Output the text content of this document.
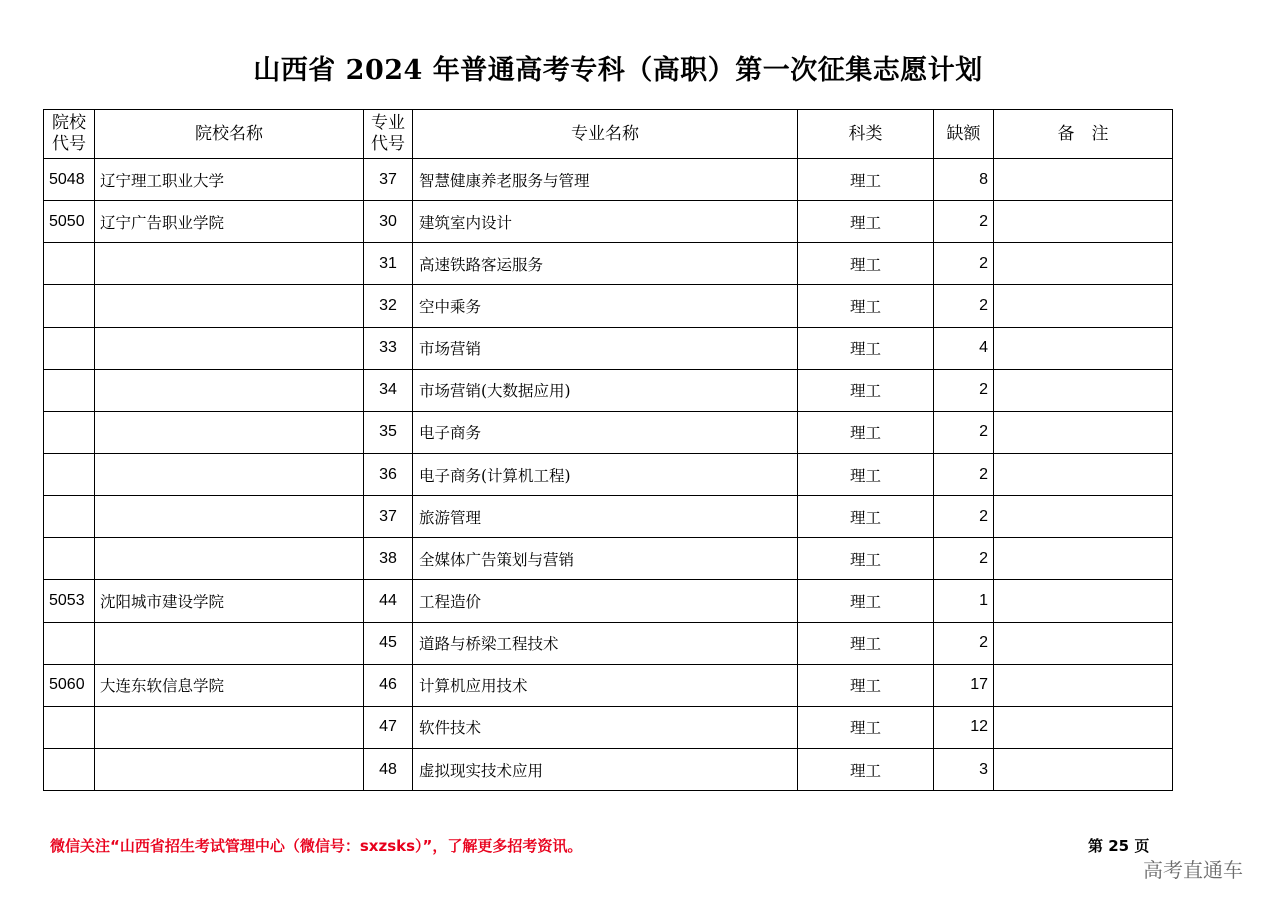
山西省 2024 年普通高考专科（高职）第一次征集志愿计划
院校代号	院校名称	专业代号	专业名称	科类	缺额	备　注
5048	辽宁理工职业大学	37	智慧健康养老服务与管理	理工	8	
5050	辽宁广告职业学院	30	建筑室内设计	理工	2	
		31	高速铁路客运服务	理工	2	
		32	空中乘务	理工	2	
		33	市场营销	理工	4	
		34	市场营销(大数据应用)	理工	2	
		35	电子商务	理工	2	
		36	电子商务(计算机工程)	理工	2	
		37	旅游管理	理工	2	
		38	全媒体广告策划与营销	理工	2	
5053	沈阳城市建设学院	44	工程造价	理工	1	
		45	道路与桥梁工程技术	理工	2	
5060	大连东软信息学院	46	计算机应用技术	理工	17	
		47	软件技术	理工	12	
		48	虚拟现实技术应用	理工	3	
微信关注“山西省招生考试管理中心（微信号：sxzsks）”，了解更多招考资讯。	第 25 页
高考直通车
